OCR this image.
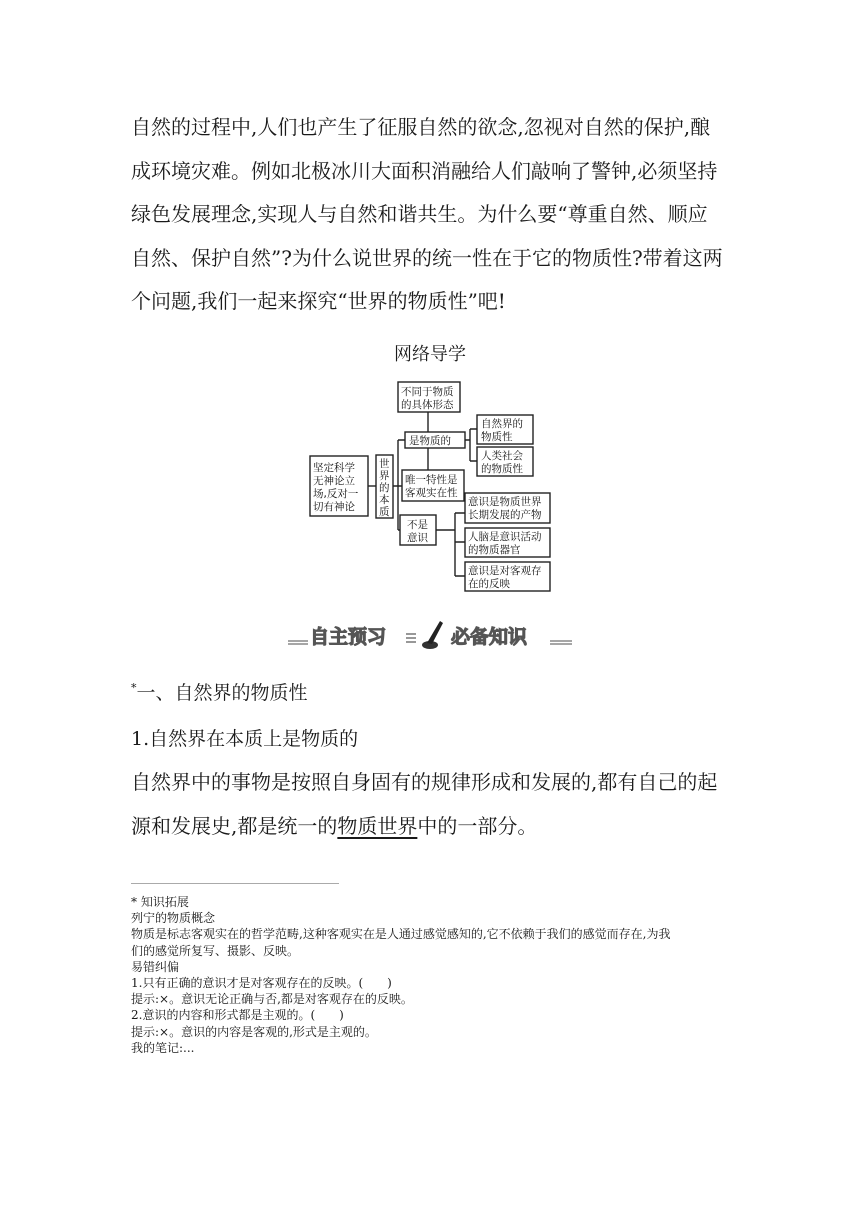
自然的过程中,人们也产生了征服自然的欲念,忽视对自然的保护,酿

成环境灾难。例如北极冰川大面积消融给人们敲响了警钟,必须坚持

绿色发展理念,实现人与自然和谐共生。为什么要“尊重自然、顺应

自然、保护自然”?为什么说世界的统一性在于它的物质性?带着这两

个问题,我们一起来探究“世界的物质性”吧!

网络导学
坚定科学
无神论立
场,反对一
切有神论
世
界
的
本
质
不同于物质
的具体形态
是物质的
唯一特性是
客观实在性
不是
意识
自然界的
物质性
人类社会
的物质性
意识是物质世界
长期发展的产物
人脑是意识活动
的物质器官
意识是对客观存
在的反映
自主预习	必备知识
*一、自然界的物质性
1.自然界在本质上是物质的

自然界中的事物是按照自身固有的规律形成和发展的,都有自己的起

源和发展史,都是统一的物质世界中的一部分。

* 知识拓展
列宁的物质概念
物质是标志客观实在的哲学范畴,这种客观实在是人通过感觉感知的,它不依赖于我们的感觉而存在,为我
们的感觉所复写、摄影、反映。
易错纠偏
1.只有正确的意识才是对客观存在的反映。(　　)
提示:×。意识无论正确与否,都是对客观存在的反映。
2.意识的内容和形式都是主观的。(　　)
提示:×。意识的内容是客观的,形式是主观的。
我的笔记:...
